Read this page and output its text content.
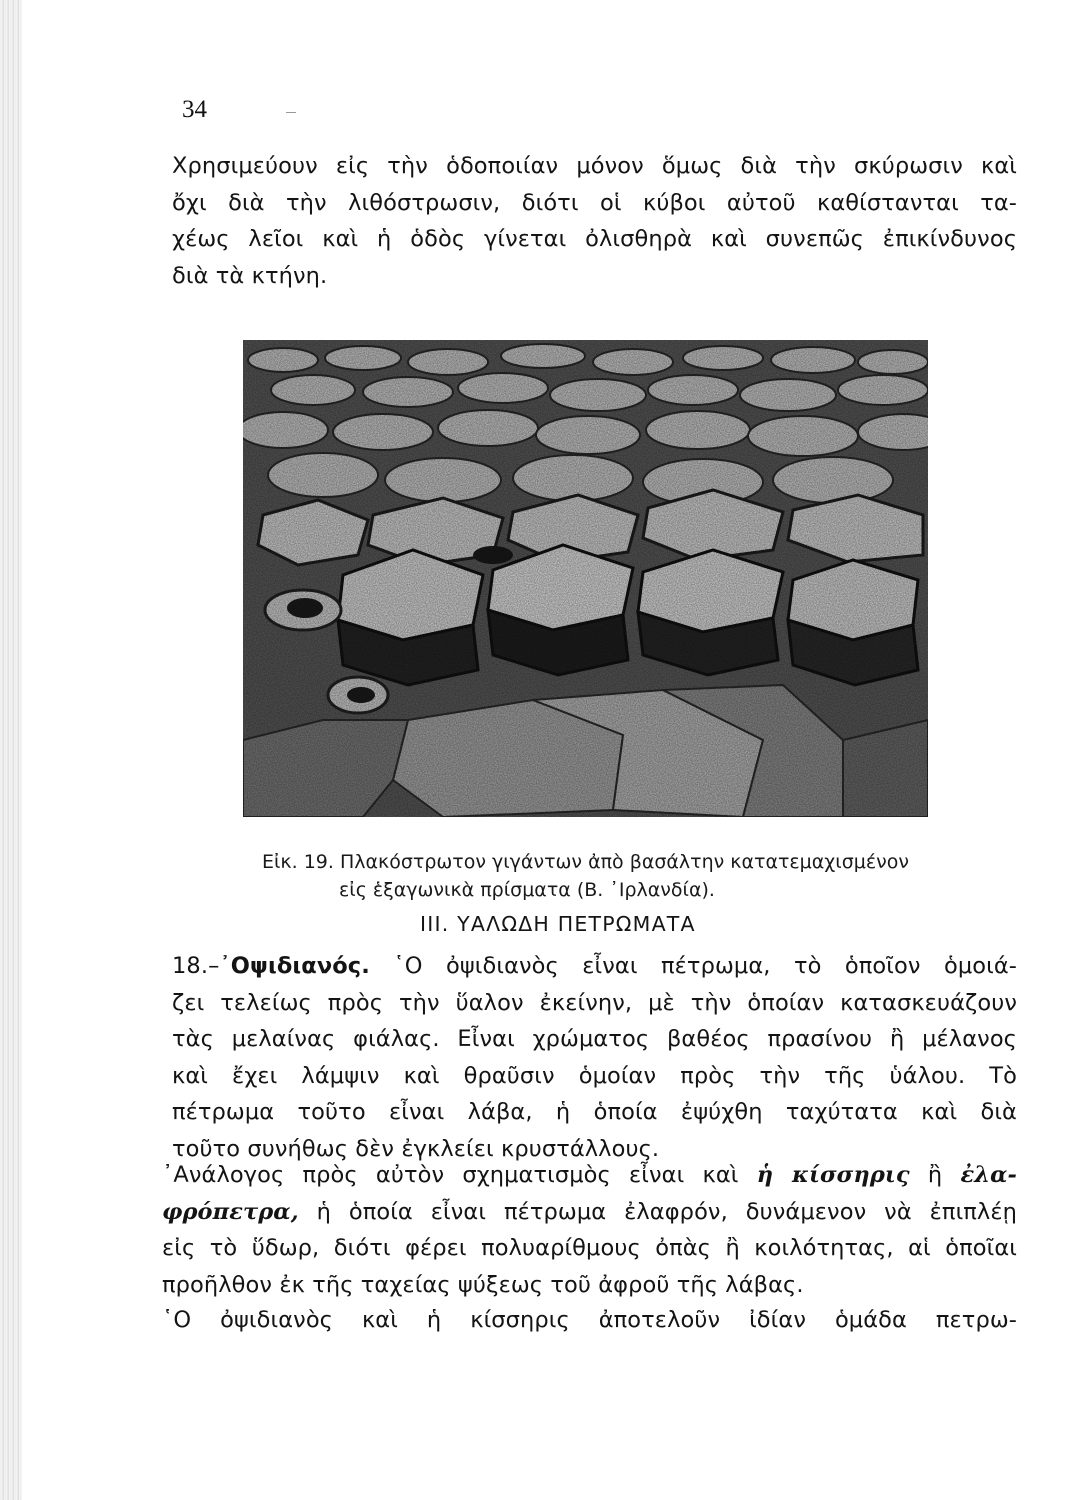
34
Χρησιμεύουν εἰς τὴν ὁδοποιίαν μόνον ὅμως διὰ τὴν σκύρωσιν καὶ
ὄχι διὰ τὴν λιθόστρωσιν, διότι οἱ κύβοι αὐτοῦ καθίστανται τα-
χέως λεῖοι καὶ ἡ ὁδὸς γίνεται ὀλισθηρὰ καὶ συνεπῶς ἐπικίνδυνος
διὰ τὰ κτήνη.
Εἰκ. 19. Πλακόστρωτον γιγάντων ἀπὸ βασάλτην κατατεμαχισμένον
εἰς ἑξαγωνικὰ πρίσματα (Β. ᾿Ιρλανδία).
III. ΥΑΛΩΔΗ ΠΕΤΡΩΜΑΤΑ
18.–᾿Οψιδιανός. ῾Ο ὀψιδιανὸς εἶναι πέτρωμα, τὸ ὁποῖον ὁμοιά-
ζει τελείως πρὸς τὴν ὕαλον ἐκείνην, μὲ τὴν ὁποίαν κατασκευάζουν
τὰς μελαίνας φιάλας. Εἶναι χρώματος βαθέος πρασίνου ἢ μέλανος
καὶ ἔχει λάμψιν καὶ θραῦσιν ὁμοίαν πρὸς τὴν τῆς ὑάλου. Τὸ
πέτρωμα τοῦτο εἶναι λάβα, ἡ ὁποία ἐψύχθη ταχύτατα καὶ διὰ
τοῦτο συνήθως δὲν ἐγκλείει κρυστάλλους.
᾿Ανάλογος πρὸς αὐτὸν σχηματισμὸς εἶναι καὶ ἡ κίσσηρις ἢ ἐλα-
φρόπετρα, ἡ ὁποία εἶναι πέτρωμα ἐλαφρόν, δυνάμενον νὰ ἐπιπλέῃ
εἰς τὸ ὕδωρ, διότι φέρει πολυαρίθμους ὀπὰς ἢ κοιλότητας, αἱ ὁποῖαι
προῆλθον ἐκ τῆς ταχείας ψύξεως τοῦ ἀφροῦ τῆς λάβας.
῾Ο ὀψιδιανὸς καὶ ἡ κίσσηρις ἀποτελοῦν ἰδίαν ὁμάδα πετρω-
